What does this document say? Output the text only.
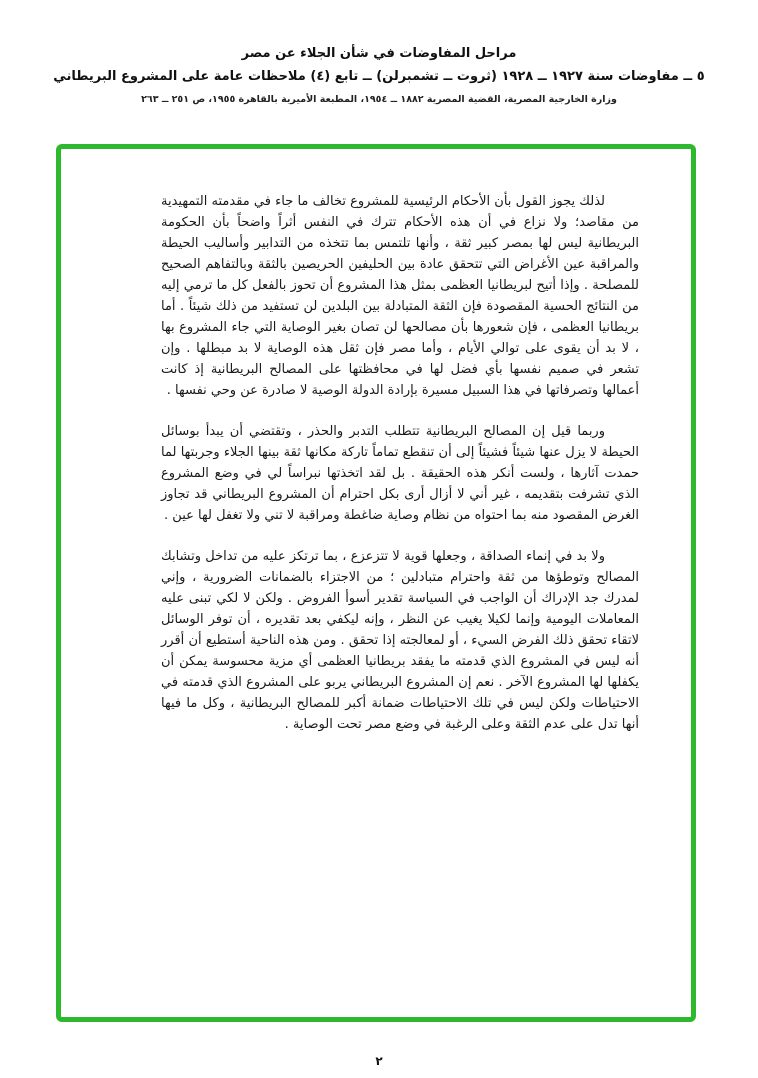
مراحل المفاوضات في شأن الجلاء عن مصر
٥ ــ مفاوضات سنة ١٩٢٧ ــ ١٩٢٨ (ثروت ــ تشمبرلن) ــ تابع (٤) ملاحظات عامة على المشروع البريطاني
وزارة الخارجية المصرية، القضية المصرية ١٨٨٢ ــ ١٩٥٤، المطبعة الأميرية بالقاهرة ١٩٥٥، ص ٢٥١ ــ ٢٦٣

لذلك يجوز القول بأن الأحكام الرئيسية للمشروع تخالف ما جاء في مقدمته التمهيدية من مقاصد؛ ولا نزاع في أن هذه الأحكام تترك في النفس أثراً واضحاً بأن الحكومة البريطانية ليس لها بمصر كبير ثقة ، وأنها تلتمس بما تتخذه من التدابير وأساليب الحيطة والمراقبة عين الأغراض التي تتحقق عادة بين الحليفين الحريصين بالثقة وبالتفاهم الصحيح للمصلحة . وإذا أتيح لبريطانيا العظمى بمثل هذا المشروع أن تحوز بالفعل كل ما ترمي إليه من النتائج الحسية المقصودة فإن الثقة المتبادلة بين البلدين لن تستفيد من ذلك شيئاً . أما بريطانيا العظمى ، فإن شعورها بأن مصالحها لن تصان بغير الوصاية التي جاء المشروع بها ، لا بد أن يقوى على توالي الأيام ، وأما مصر فإن ثقل هذه الوصاية لا بد مبطلها . وإن تشعر في صميم نفسها بأي فضل لها في محافظتها على المصالح البريطانية إذ كانت أعمالها وتصرفاتها في هذا السبيل مسيرة بإرادة الدولة الوصية لا صادرة عن وحي نفسها .

وربما قيل إن المصالح البريطانية تتطلب التدبر والحذر ، وتقتضي أن يبدأ بوسائل الحيطة لا يزل عنها شيئاً فشيئاً إلى أن تنقطع تماماً تاركة مكانها ثقة بينها الجلاء وجربتها لما حمدت آثارها ، ولست أنكر هذه الحقيقة . بل لقد اتخذتها نبراساً لي في وضع المشروع الذي تشرفت بتقديمه ، غير أني لا أزال أرى بكل احترام أن المشروع البريطاني قد تجاوز الغرض المقصود منه بما احتواه من نظام وصاية ضاغطة ومراقبة لا تني ولا تغفل لها عين .

ولا بد في إنماء الصداقة ، وجعلها قوية لا تتزعزع ، بما ترتكز عليه من تداخل وتشابك المصالح وتوطؤها من ثقة واحترام متبادلين ؛ من الاجتزاء بالضمانات الضرورية ، وإني لمدرك جد الإدراك أن الواجب في السياسة تقدير أسوأ الفروض . ولكن لا لكي تبنى عليه المعاملات اليومية وإنما لكيلا يغيب عن النظر ، وإنه ليكفي بعد تقديره ، أن توفر الوسائل لاتقاء تحقق ذلك الفرض السيء ، أو لمعالجته إذا تحقق . ومن هذه الناحية أستطيع أن أقرر أنه ليس في المشروع الذي قدمته ما يفقد بريطانيا العظمى أي مزية محسوسة يمكن أن يكفلها لها المشروع الآخر . نعم إن المشروع البريطاني يربو على المشروع الذي قدمته في الاحتياطات ولكن ليس في تلك الاحتياطات ضمانة أكبر للمصالح البريطانية ، وكل ما فيها أنها تدل على عدم الثقة وعلى الرغبة في وضع مصر تحت الوصاية .

٢
